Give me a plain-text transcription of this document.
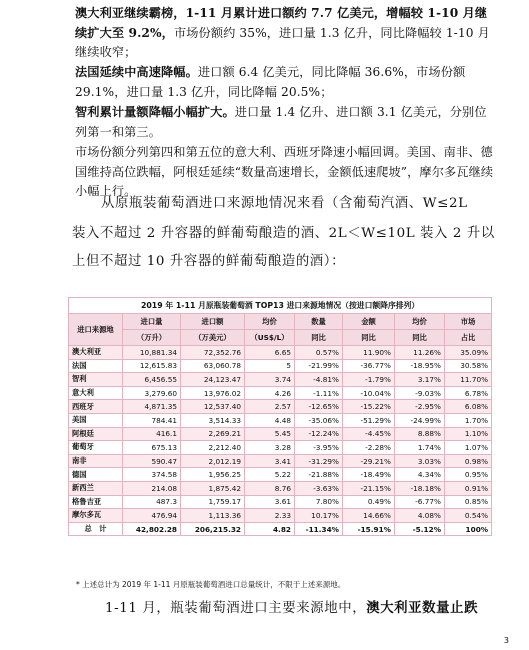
澳大利亚继续霸榜，1-11 月累计进口额约 7.7 亿美元，增幅较 1-10 月继续扩大至 9.2%，市场份额约 35%，进口量 1.3 亿升，同比降幅较 1-10 月继续收窄；
法国延续中高速降幅。进口额 6.4 亿美元，同比降幅 36.6%，市场份额 29.1%，进口量 1.3 亿升，同比降幅 20.5%；
智利累计量额降幅小幅扩大。进口量 1.4 亿升、进口额 3.1 亿美元，分别位列第一和第三。
市场份额分列第四和第五位的意大利、西班牙降速小幅回调。美国、南非、德国维持高位跌幅，阿根廷延续“数量高速增长，金额低速爬坡”，摩尔多瓦继续小幅上行。
从原瓶装葡萄酒进口来源地情况来看（含葡萄汽酒、W≤2L
装入不超过 2 升容器的鲜葡萄酿造的酒、2L＜W≤10L 装入 2 升以
上但不超过 10 升容器的鲜葡萄酿造的酒）：
2019 年 1-11 月原瓶装葡萄酒 TOP13 进口来源地情况（按进口额降序排列）							
进口来源地	进口量	进口额	均价	数量	金额	均价	市场
	（万升）	（万美元）	（US$/L）	同比	同比	同比	占比
澳大利亚	10,881.34	72,352.76	6.65	0.57%	11.90%	11.26%	35.09%
法国	12,615.83	63,060.78	5	-21.99%	-36.77%	-18.95%	30.58%
智利	6,456.55	24,123.47	3.74	-4.81%	-1.79%	3.17%	11.70%
意大利	3,279.60	13,976.02	4.26	-1.11%	-10.04%	-9.03%	6.78%
西班牙	4,871.35	12,537.40	2.57	-12.65%	-15.22%	-2.95%	6.08%
美国	784.41	3,514.33	4.48	-35.06%	-51.29%	-24.99%	1.70%
阿根廷	416.1	2,269.21	5.45	-12.24%	-4.45%	8.88%	1.10%
葡萄牙	675.13	2,212.40	3.28	-3.95%	-2.28%	1.74%	1.07%
南非	590.47	2,012.19	3.41	-31.29%	-29.21%	3.03%	0.98%
德国	374.58	1,956.25	5.22	-21.88%	-18.49%	4.34%	0.95%
新西兰	214.08	1,875.42	8.76	-3.63%	-21.15%	-18.18%	0.91%
格鲁吉亚	487.3	1,759.17	3.61	7.80%	0.49%	-6.77%	0.85%
摩尔多瓦	476.94	1,113.36	2.33	10.17%	14.66%	4.08%	0.54%
总　计	42,802.28	206,215.32	4.82	-11.34%	-15.91%	-5.12%	100%
* 上述总计为 2019 年 1-11 月原瓶装葡萄酒进口总量统计，不限于上述来源地。
1-11 月，瓶装葡萄酒进口主要来源地中，澳大利亚数量止跌
3
